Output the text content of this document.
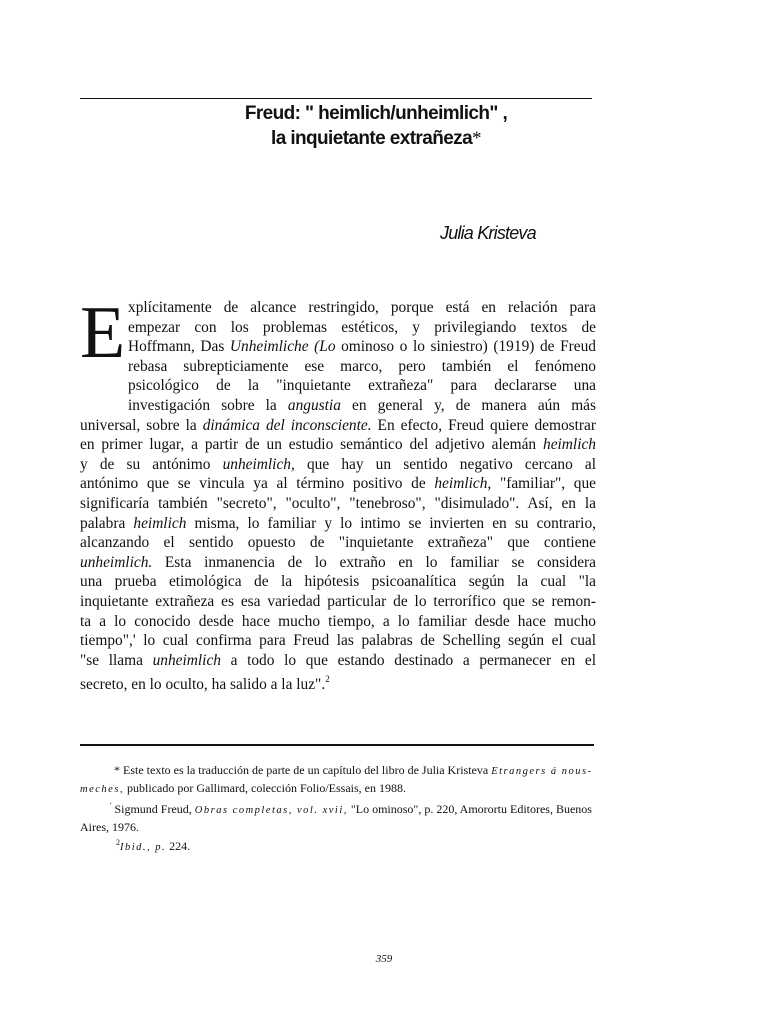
Freud: " heimlich/unheimlich" ,
la inquietante extrañeza*
Julia Kristeva
E xplícitamente de alcance restringido, porque está en relación para
empezar con los problemas estéticos, y privilegiando textos de
Hoffmann, Das Unheimliche (Lo ominoso o lo siniestro) (1919) de Freud
rebasa subrepticiamente ese marco, pero también el fenómeno
psicológico de la "inquietante extrañeza" para declararse una
investigación sobre la angustia en general y, de manera aún más
universal, sobre la dinámica del inconsciente. En efecto, Freud quiere demostrar
en primer lugar, a partir de un estudio semántico del adjetivo alemán heimlich
y de su antónimo unheimlich, que hay un sentido negativo cercano al
antónimo que se vincula ya al término positivo de heimlich, "familiar", que
significaría también "secreto", "oculto", "tenebroso", "disimulado". Así, en la
palabra heimlich misma, lo familiar y lo intimo se invierten en su contrario,
alcanzando el sentido opuesto de "inquietante extrañeza" que contiene
unheimlich. Esta inmanencia de lo extraño en lo familiar se considera
una prueba etimológica de la hipótesis psicoanalítica según la cual "la
inquietante extrañeza es esa variedad particular de lo terrorífico que se remon-
ta a lo conocido desde hace mucho tiempo, a lo familiar desde hace mucho
tiempo",' lo cual confirma para Freud las palabras de Schelling según el cual
"se llama unheimlich a todo lo que estando destinado a permanecer en el
secreto, en lo oculto, ha salido a la luz".$^2$

* Este texto es la traducción de parte de un capítulo del libro de Julia Kristeva Etrangers á nous-meches, publicado por Gallimard, colección Folio/Essais, en 1988.

' Sigmund Freud, Obras completas, vol. xvii, "Lo ominoso", p. 220, Amorortu Editores, Buenos Aires, 1976.

$^2$Ibid., p. 224.

359
